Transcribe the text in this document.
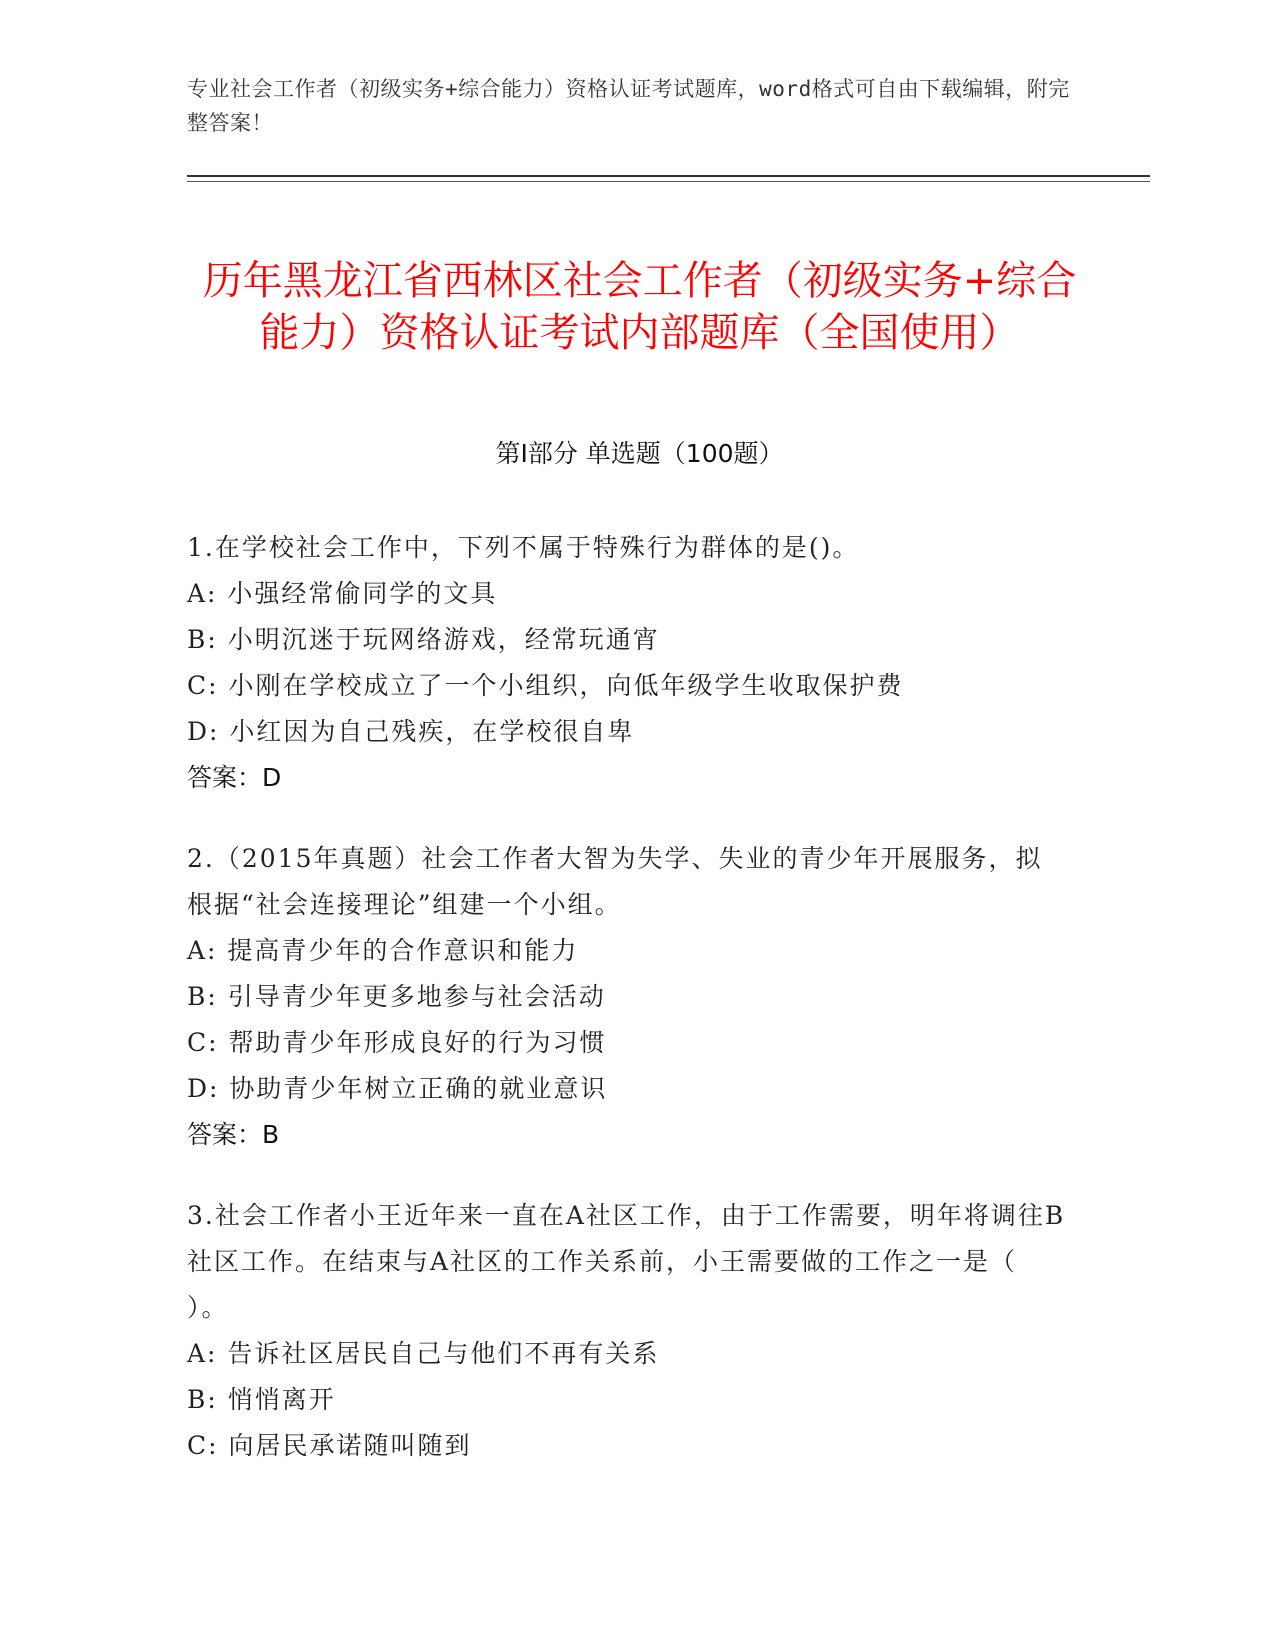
专业社会工作者（初级实务+综合能力）资格认证考试题库，word格式可自由下载编辑，附完整答案！
历年黑龙江省西林区社会工作者（初级实务+综合能力）资格认证考试内部题库（全国使用）
第I部分 单选题（100题）
1.在学校社会工作中，下列不属于特殊行为群体的是()。
A: 小强经常偷同学的文具
B: 小明沉迷于玩网络游戏，经常玩通宵
C: 小刚在学校成立了一个小组织，向低年级学生收取保护费
D: 小红因为自己残疾，在学校很自卑
答案：D
2.（2015年真题）社会工作者大智为失学、失业的青少年开展服务，拟根据“社会连接理论”组建一个小组。
A: 提高青少年的合作意识和能力
B: 引导青少年更多地参与社会活动
C: 帮助青少年形成良好的行为习惯
D: 协助青少年树立正确的就业意识
答案：B
3.社会工作者小王近年来一直在A社区工作，由于工作需要，明年将调往B社区工作。在结束与A社区的工作关系前，小王需要做的工作之一是（ ）。
A: 告诉社区居民自己与他们不再有关系
B: 悄悄离开
C: 向居民承诺随叫随到
